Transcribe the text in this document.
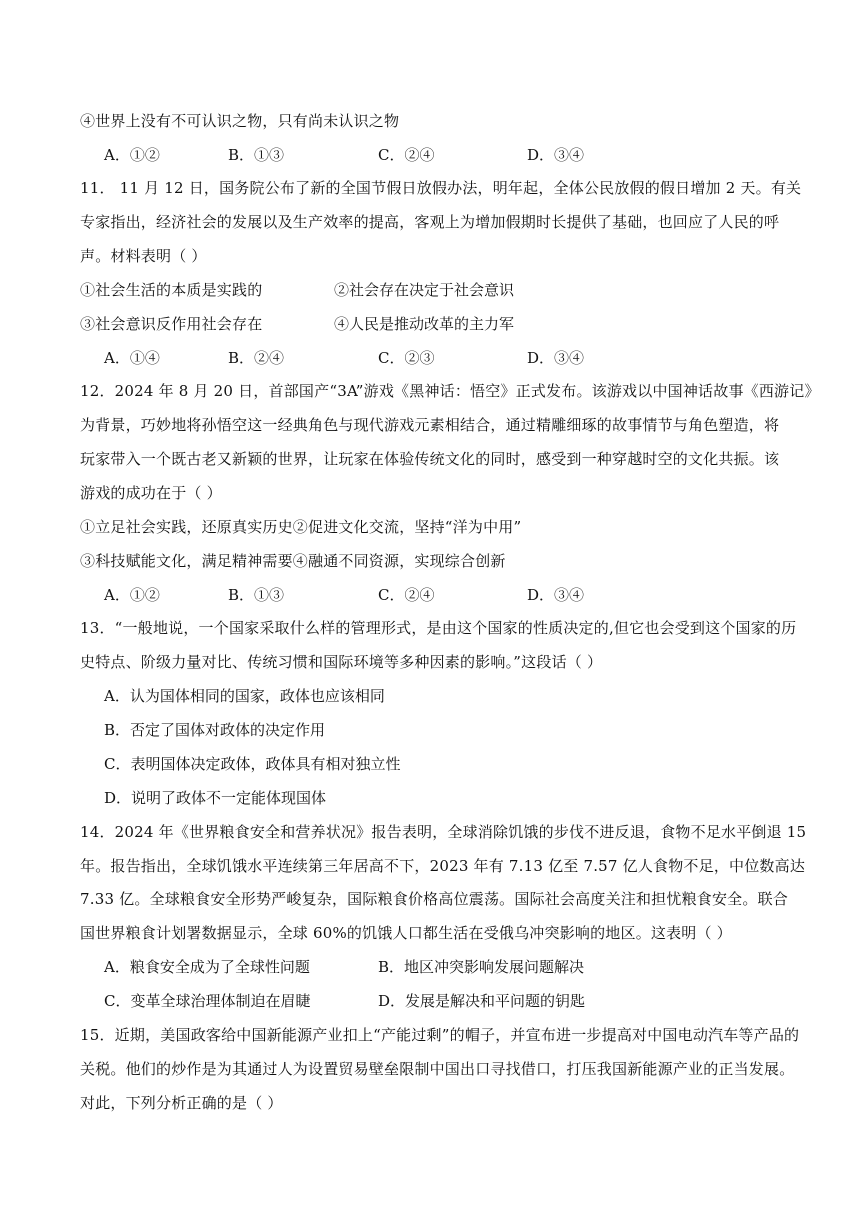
④世界上没有不可认识之物，只有尚未认识之物
A．①②	B．①③	C．②④	D．③④
11． 11 月 12 日，国务院公布了新的全国节假日放假办法，明年起，全体公民放假的假日增加 2 天。有关
专家指出，经济社会的发展以及生产效率的提高，客观上为增加假期时长提供了基础，也回应了人民的呼
声。材料表明（ ）
①社会生活的本质是实践的	②社会存在决定于社会意识
③社会意识反作用社会存在	④人民是推动改革的主力军
A．①④	B．②④	C．②③	D．③④
12．2024 年 8 月 20 日，首部国产“3A”游戏《黑神话：悟空》正式发布。该游戏以中国神话故事《西游记》
为背景，巧妙地将孙悟空这一经典角色与现代游戏元素相结合，通过精雕细琢的故事情节与角色塑造，将
玩家带入一个既古老又新颖的世界，让玩家在体验传统文化的同时，感受到一种穿越时空的文化共振。该
游戏的成功在于（ ）
①立足社会实践，还原真实历史②促进文化交流，坚持“洋为中用”
③科技赋能文化，满足精神需要④融通不同资源，实现综合创新
A．①②	B．①③	C．②④	D．③④
13．“一般地说，一个国家采取什么样的管理形式，是由这个国家的性质决定的,但它也会受到这个国家的历
史特点、阶级力量对比、传统习惯和国际环境等多种因素的影响。”这段话（ ）
A．认为国体相同的国家，政体也应该相同
B．否定了国体对政体的决定作用
C．表明国体决定政体，政体具有相对独立性
D．说明了政体不一定能体现国体
14．2024 年《世界粮食安全和营养状况》报告表明，全球消除饥饿的步伐不进反退，食物不足水平倒退 15
年。报告指出，全球饥饿水平连续第三年居高不下，2023 年有 7.13 亿至 7.57 亿人食物不足，中位数高达
7.33 亿。全球粮食安全形势严峻复杂，国际粮食价格高位震荡。国际社会高度关注和担忧粮食安全。联合
国世界粮食计划署数据显示，全球 60%的饥饿人口都生活在受俄乌冲突影响的地区。这表明（ ）
A．粮食安全成为了全球性问题	B．地区冲突影响发展问题解决
C．变革全球治理体制迫在眉睫	D．发展是解决和平问题的钥匙
15．近期，美国政客给中国新能源产业扣上“产能过剩”的帽子，并宣布进一步提高对中国电动汽车等产品的
关税。他们的炒作是为其通过人为设置贸易壁垒限制中国出口寻找借口，打压我国新能源产业的正当发展。
对此，下列分析正确的是（ ）
